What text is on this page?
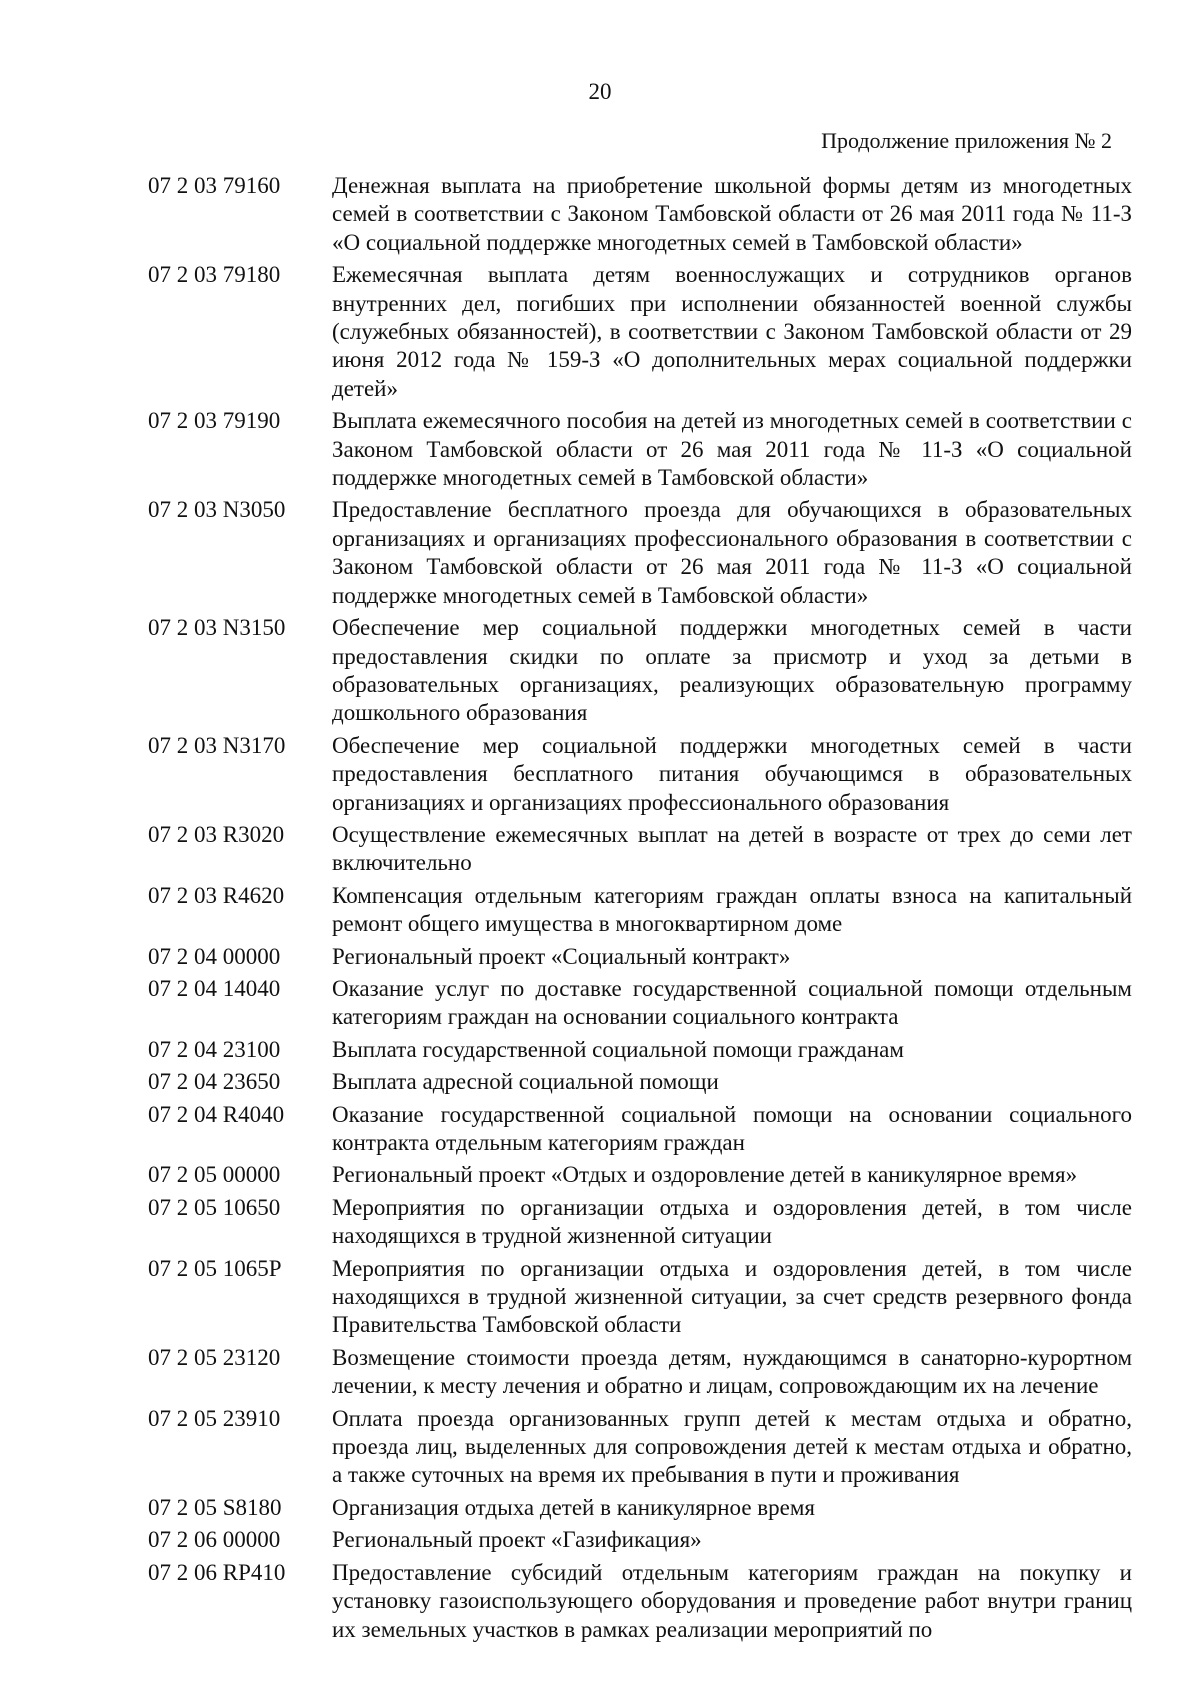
20
Продолжение приложения № 2
07 2 03 79160	Денежная выплата на приобретение школьной формы детям из многодетных семей в соответствии с Законом Тамбовской области от 26 мая 2011 года № 11-З «О социальной поддержке многодетных семей в Тамбовской области»
07 2 03 79180	Ежемесячная выплата детям военнослужащих и сотрудников органов внутренних дел, погибших при исполнении обязанностей военной службы (служебных обязанностей), в соответствии с Законом Тамбовской области от 29 июня 2012 года № 159-З «О дополнительных мерах социальной поддержки детей»
07 2 03 79190	Выплата ежемесячного пособия на детей из многодетных семей в соответствии с Законом Тамбовской области от 26 мая 2011 года № 11-З «О социальной поддержке многодетных семей в Тамбовской области»
07 2 03 N3050	Предоставление бесплатного проезда для обучающихся в образовательных организациях и организациях профессионального образования в соответствии с Законом Тамбовской области от 26 мая 2011 года № 11-З «О социальной поддержке многодетных семей в Тамбовской области»
07 2 03 N3150	Обеспечение мер социальной поддержки многодетных семей в части предоставления скидки по оплате за присмотр и уход за детьми в образовательных организациях, реализующих образовательную программу дошкольного образования
07 2 03 N3170	Обеспечение мер социальной поддержки многодетных семей в части предоставления бесплатного питания обучающимся в образовательных организациях и организациях профессионального образования
07 2 03 R3020	Осуществление ежемесячных выплат на детей в возрасте от трех до семи лет включительно
07 2 03 R4620	Компенсация отдельным категориям граждан оплаты взноса на капитальный ремонт общего имущества в многоквартирном доме
07 2 04 00000	Региональный проект «Социальный контракт»
07 2 04 14040	Оказание услуг по доставке государственной социальной помощи отдельным категориям граждан на основании социального контракта
07 2 04 23100	Выплата государственной социальной помощи гражданам
07 2 04 23650	Выплата адресной социальной помощи
07 2 04 R4040	Оказание государственной социальной помощи на основании социального контракта отдельным категориям граждан
07 2 05 00000	Региональный проект «Отдых и оздоровление детей в каникулярное время»
07 2 05 10650	Мероприятия по организации отдыха и оздоровления детей, в том числе находящихся в трудной жизненной ситуации
07 2 05 1065Р	Мероприятия по организации отдыха и оздоровления детей, в том числе находящихся в трудной жизненной ситуации, за счет средств резервного фонда Правительства Тамбовской области
07 2 05 23120	Возмещение стоимости проезда детям, нуждающимся в санаторно-курортном лечении, к месту лечения и обратно и лицам, сопровождающим их на лечение
07 2 05 23910	Оплата проезда организованных групп детей к местам отдыха и обратно, проезда лиц, выделенных для сопровождения детей к местам отдыха и обратно, а также суточных на время их пребывания в пути и проживания
07 2 05 S8180	Организация отдыха детей в каникулярное время
07 2 06 00000	Региональный проект «Газификация»
07 2 06 RP410	Предоставление субсидий отдельным категориям граждан на покупку и установку газоиспользующего оборудования и проведение работ внутри границ их земельных участков в рамках реализации мероприятий по
